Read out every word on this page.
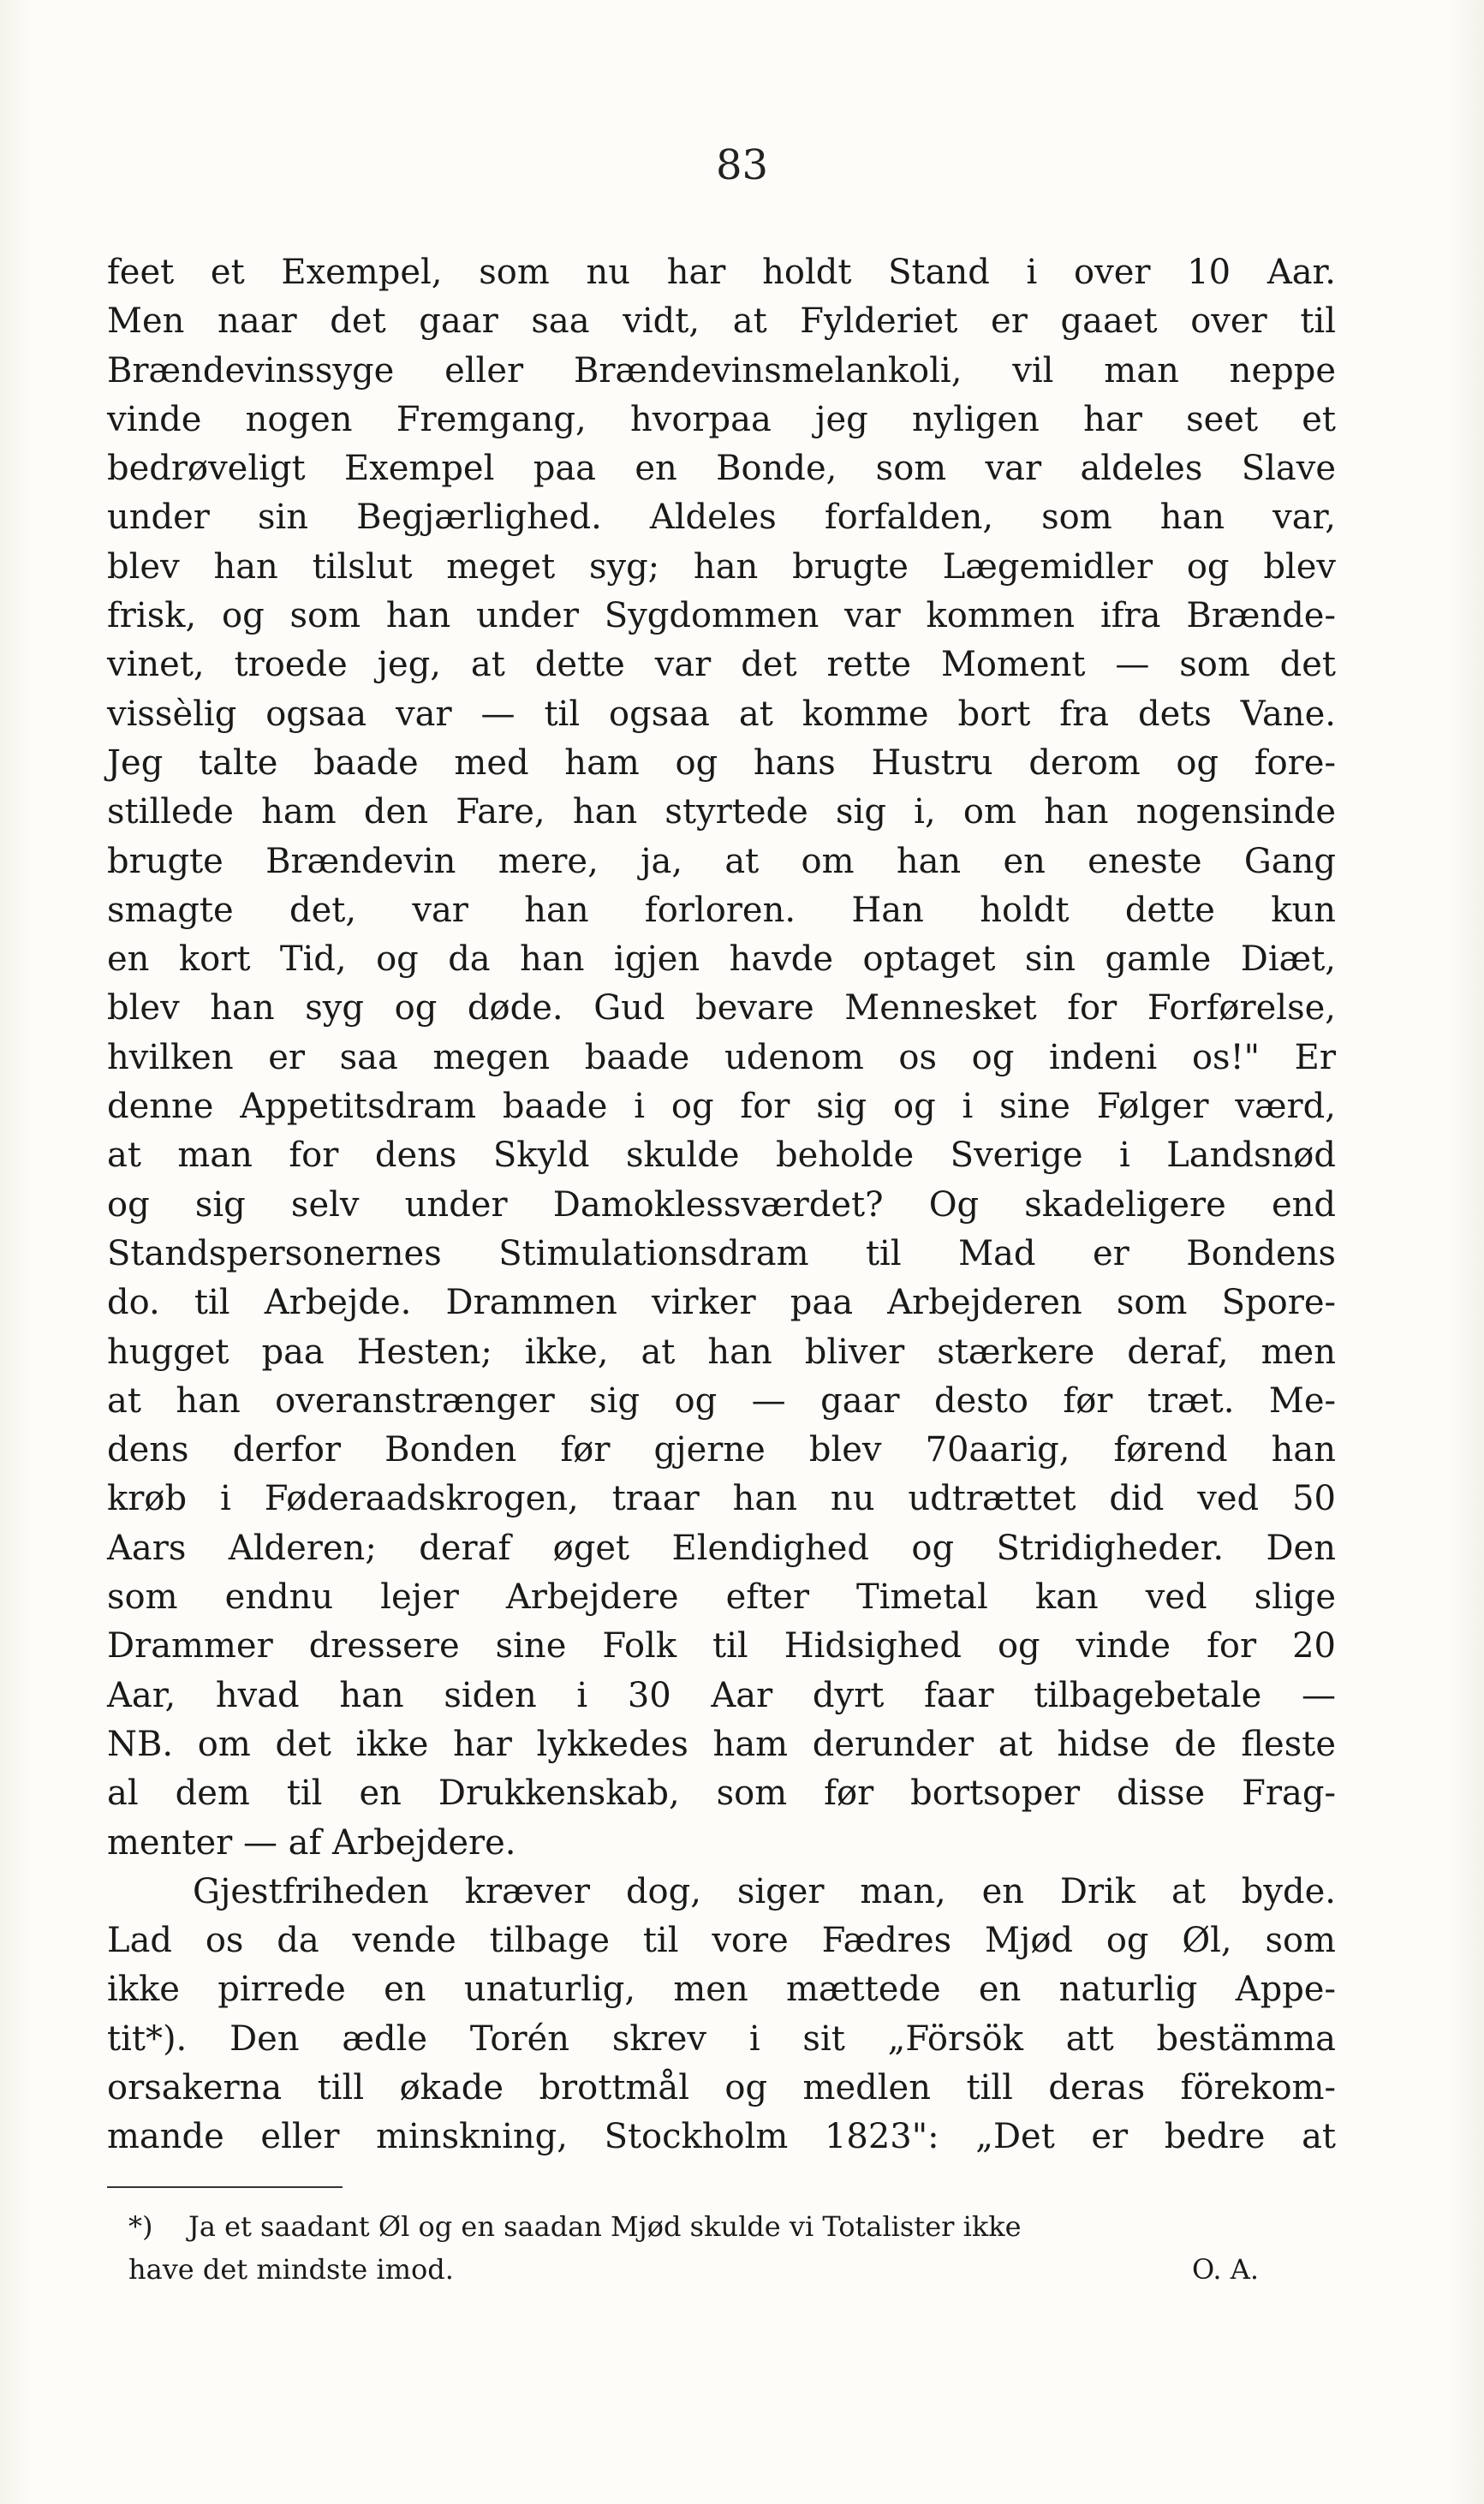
83
feet et Exempel, som nu har holdt Stand i over 10 Aar.
Men naar det gaar saa vidt, at Fylderiet er gaaet over til
Brændevinssyge eller Brændevinsmelankoli, vil man neppe
vinde nogen Fremgang, hvorpaa jeg nyligen har seet et
bedrøveligt Exempel paa en Bonde, som var aldeles Slave
under sin Begjærlighed. Aldeles forfalden, som han var,
blev han tilslut meget syg; han brugte Lægemidler og blev
frisk, og som han under Sygdommen var kommen ifra Brænde-
vinet, troede jeg, at dette var det rette Moment — som det
vissèlig ogsaa var — til ogsaa at komme bort fra dets Vane.
Jeg talte baade med ham og hans Hustru derom og fore-
stillede ham den Fare, han styrtede sig i, om han nogensinde
brugte Brændevin mere, ja, at om han en eneste Gang
smagte det, var han forloren. Han holdt dette kun
en kort Tid, og da han igjen havde optaget sin gamle Diæt,
blev han syg og døde. Gud bevare Mennesket for Forførelse,
hvilken er saa megen baade udenom os og indeni os!" Er
denne Appetitsdram baade i og for sig og i sine Følger værd,
at man for dens Skyld skulde beholde Sverige i Landsnød
og sig selv under Damoklessværdet? Og skadeligere end
Standspersonernes Stimulationsdram til Mad er Bondens
do. til Arbejde. Drammen virker paa Arbejderen som Spore-
hugget paa Hesten; ikke, at han bliver stærkere deraf, men
at han overanstrænger sig og — gaar desto før træt. Me-
dens derfor Bonden før gjerne blev 70aarig, førend han
krøb i Føderaadskrogen, traar han nu udtrættet did ved 50
Aars Alderen; deraf øget Elendighed og Stridigheder. Den
som endnu lejer Arbejdere efter Timetal kan ved slige
Drammer dressere sine Folk til Hidsighed og vinde for 20
Aar, hvad han siden i 30 Aar dyrt faar tilbagebetale —
NB. om det ikke har lykkedes ham derunder at hidse de fleste
al dem til en Drukkenskab, som før bortsoper disse Frag-
menter — af Arbejdere.
Gjestfriheden kræver dog, siger man, en Drik at byde.
Lad os da vende tilbage til vore Fædres Mjød og Øl, som
ikke pirrede en unaturlig, men mættede en naturlig Appe-
tit*). Den ædle Torén skrev i sit „Försök att bestämma
orsakerna till økade brottmål og medlen till deras förekom-
mande eller minskning, Stockholm 1823": „Det er bedre at
*) Ja et saadant Øl og en saadan Mjød skulde vi Totalister ikke
have det mindste imod.	O. A.
